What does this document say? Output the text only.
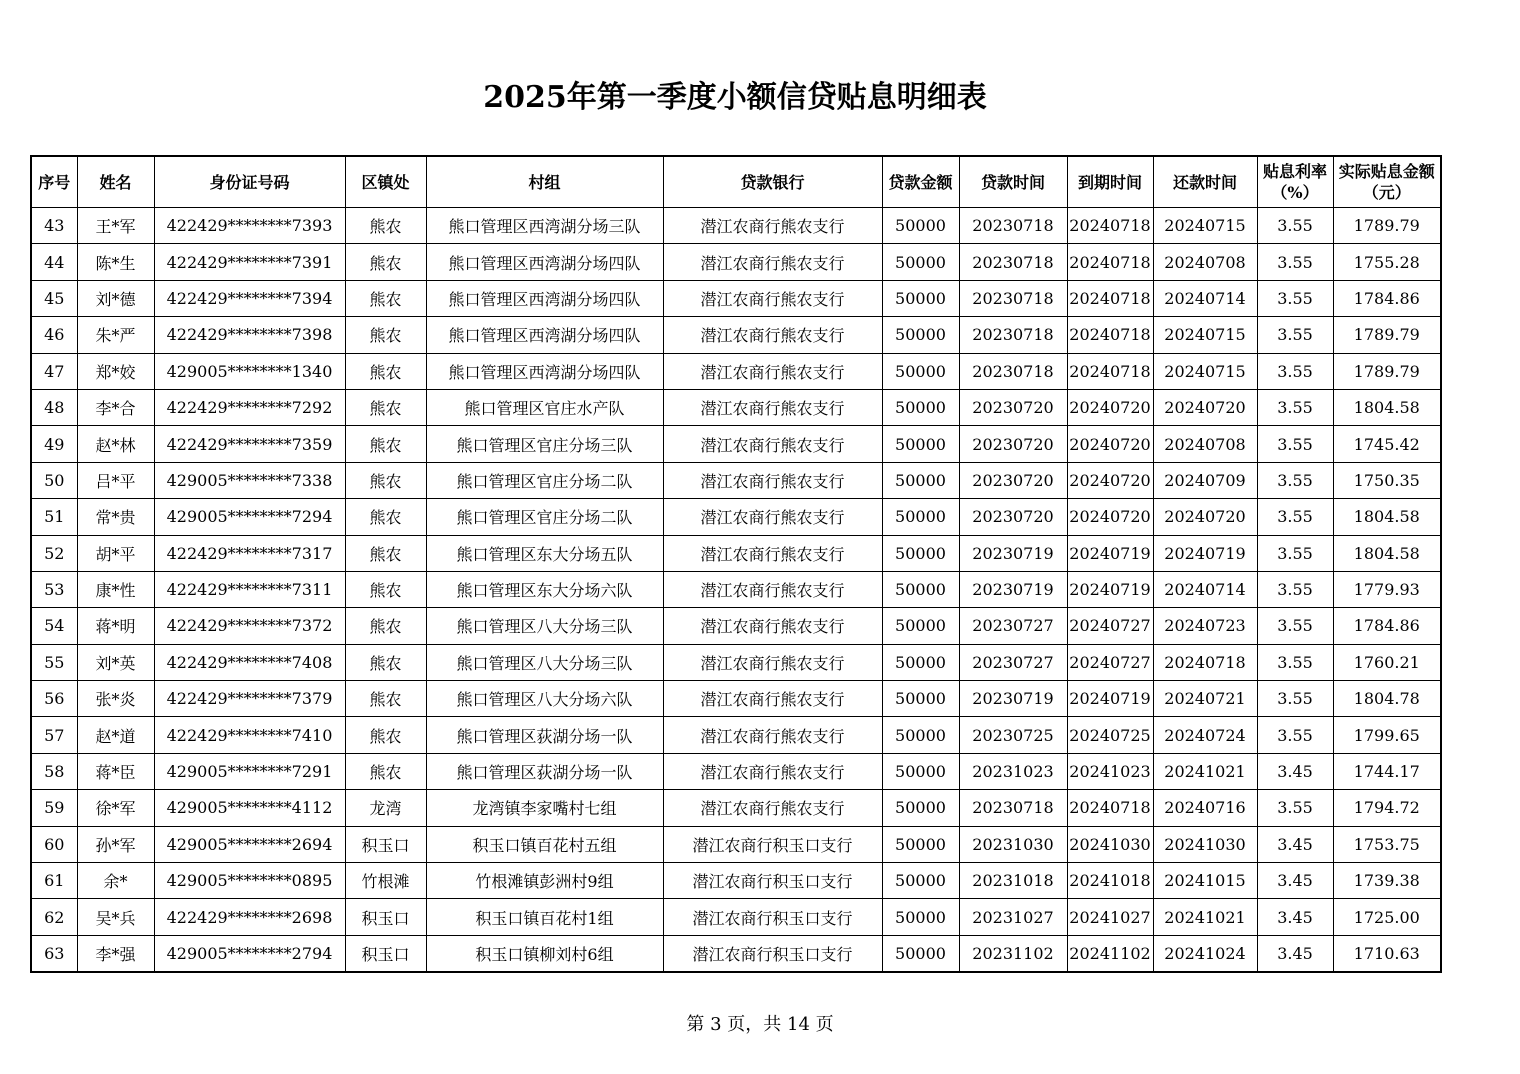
2025年第一季度小额信贷贴息明细表
序号	姓名	身份证号码	区镇处	村组	贷款银行	贷款金额	贷款时间	到期时间	还款时间	贴息利率（%）	实际贴息金额（元）
43	王*军	422429********7393	熊农	熊口管理区西湾湖分场三队	潜江农商行熊农支行	50000	20230718	20240718	20240715	3.55	1789.79
44	陈*生	422429********7391	熊农	熊口管理区西湾湖分场四队	潜江农商行熊农支行	50000	20230718	20240718	20240708	3.55	1755.28
45	刘*德	422429********7394	熊农	熊口管理区西湾湖分场四队	潜江农商行熊农支行	50000	20230718	20240718	20240714	3.55	1784.86
46	朱*严	422429********7398	熊农	熊口管理区西湾湖分场四队	潜江农商行熊农支行	50000	20230718	20240718	20240715	3.55	1789.79
47	郑*姣	429005********1340	熊农	熊口管理区西湾湖分场四队	潜江农商行熊农支行	50000	20230718	20240718	20240715	3.55	1789.79
48	李*合	422429********7292	熊农	熊口管理区官庄水产队	潜江农商行熊农支行	50000	20230720	20240720	20240720	3.55	1804.58
49	赵*林	422429********7359	熊农	熊口管理区官庄分场三队	潜江农商行熊农支行	50000	20230720	20240720	20240708	3.55	1745.42
50	吕*平	429005********7338	熊农	熊口管理区官庄分场二队	潜江农商行熊农支行	50000	20230720	20240720	20240709	3.55	1750.35
51	常*贵	429005********7294	熊农	熊口管理区官庄分场二队	潜江农商行熊农支行	50000	20230720	20240720	20240720	3.55	1804.58
52	胡*平	422429********7317	熊农	熊口管理区东大分场五队	潜江农商行熊农支行	50000	20230719	20240719	20240719	3.55	1804.58
53	康*性	422429********7311	熊农	熊口管理区东大分场六队	潜江农商行熊农支行	50000	20230719	20240719	20240714	3.55	1779.93
54	蒋*明	422429********7372	熊农	熊口管理区八大分场三队	潜江农商行熊农支行	50000	20230727	20240727	20240723	3.55	1784.86
55	刘*英	422429********7408	熊农	熊口管理区八大分场三队	潜江农商行熊农支行	50000	20230727	20240727	20240718	3.55	1760.21
56	张*炎	422429********7379	熊农	熊口管理区八大分场六队	潜江农商行熊农支行	50000	20230719	20240719	20240721	3.55	1804.78
57	赵*道	422429********7410	熊农	熊口管理区荻湖分场一队	潜江农商行熊农支行	50000	20230725	20240725	20240724	3.55	1799.65
58	蒋*臣	429005********7291	熊农	熊口管理区荻湖分场一队	潜江农商行熊农支行	50000	20231023	20241023	20241021	3.45	1744.17
59	徐*军	429005********4112	龙湾	龙湾镇李家嘴村七组	潜江农商行熊农支行	50000	20230718	20240718	20240716	3.55	1794.72
60	孙*军	429005********2694	积玉口	积玉口镇百花村五组	潜江农商行积玉口支行	50000	20231030	20241030	20241030	3.45	1753.75
61	余*	429005********0895	竹根滩	竹根滩镇彭洲村9组	潜江农商行积玉口支行	50000	20231018	20241018	20241015	3.45	1739.38
62	吴*兵	422429********2698	积玉口	积玉口镇百花村1组	潜江农商行积玉口支行	50000	20231027	20241027	20241021	3.45	1725.00
63	李*强	429005********2794	积玉口	积玉口镇柳刘村6组	潜江农商行积玉口支行	50000	20231102	20241102	20241024	3.45	1710.63
第 3 页，共 14 页
